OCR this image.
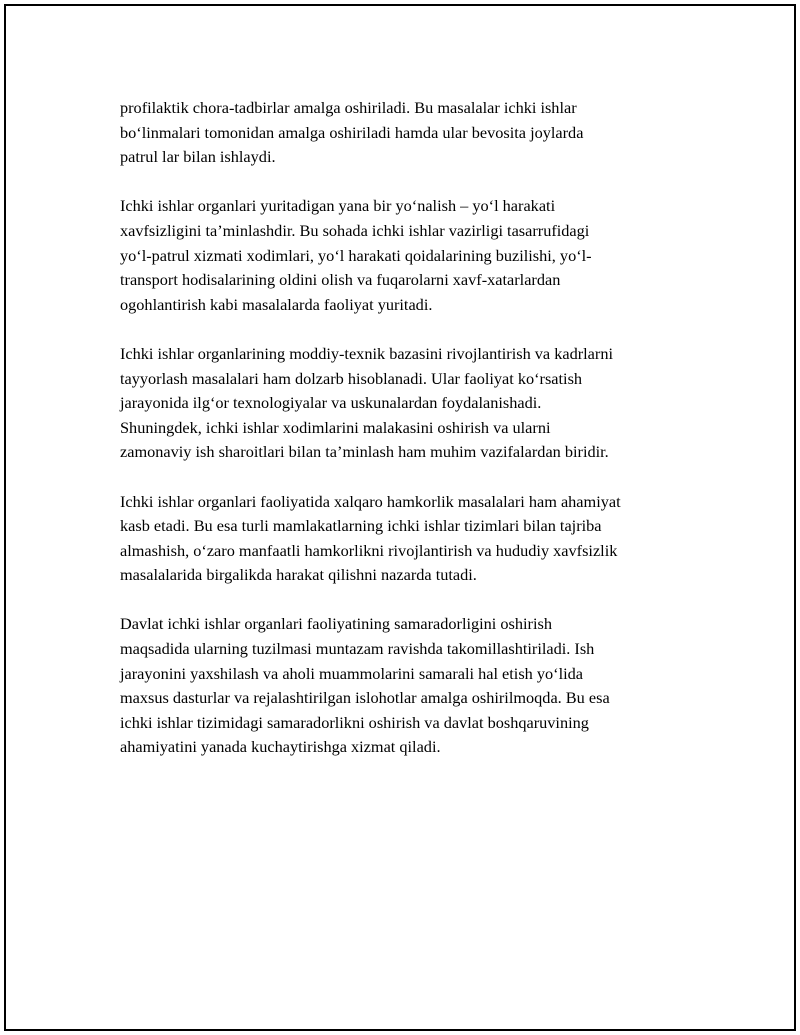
profilaktik chora-tadbirlar amalga oshiriladi. Bu masalalar ichki ishlar
boʻlinmalari tomonidan amalga oshiriladi hamda ular bevosita joylarda
patrul lar bilan ishlaydi.

Ichki ishlar organlari yuritadigan yana bir yoʻnalish – yoʻl harakati
xavfsizligini taʼminlashdir. Bu sohada ichki ishlar vazirligi tasarrufidagi
yoʻl-patrul xizmati xodimlari, yoʻl harakati qoidalarining buzilishi, yoʻl-
transport hodisalarining oldini olish va fuqarolarni xavf-xatarlardan
ogohlantirish kabi masalalarda faoliyat yuritadi.

Ichki ishlar organlarining moddiy-texnik bazasini rivojlantirish va kadrlarni
tayyorlash masalalari ham dolzarb hisoblanadi. Ular faoliyat koʻrsatish
jarayonida ilgʻor texnologiyalar va uskunalardan foydalanishadi.
Shuningdek, ichki ishlar xodimlarini malakasini oshirish va ularni
zamonaviy ish sharoitlari bilan taʼminlash ham muhim vazifalardan biridir.

Ichki ishlar organlari faoliyatida xalqaro hamkorlik masalalari ham ahamiyat
kasb etadi. Bu esa turli mamlakatlarning ichki ishlar tizimlari bilan tajriba
almashish, oʻzaro manfaatli hamkorlikni rivojlantirish va hududiy xavfsizlik
masalalarida birgalikda harakat qilishni nazarda tutadi.

Davlat ichki ishlar organlari faoliyatining samaradorligini oshirish
maqsadida ularning tuzilmasi muntazam ravishda takomillashtiriladi. Ish
jarayonini yaxshilash va aholi muammolarini samarali hal etish yoʻlida
maxsus dasturlar va rejalashtirilgan islohotlar amalga oshirilmoqda. Bu esa
ichki ishlar tizimidagi samaradorlikni oshirish va davlat boshqaruvining
ahamiyatini yanada kuchaytirishga xizmat qiladi.
